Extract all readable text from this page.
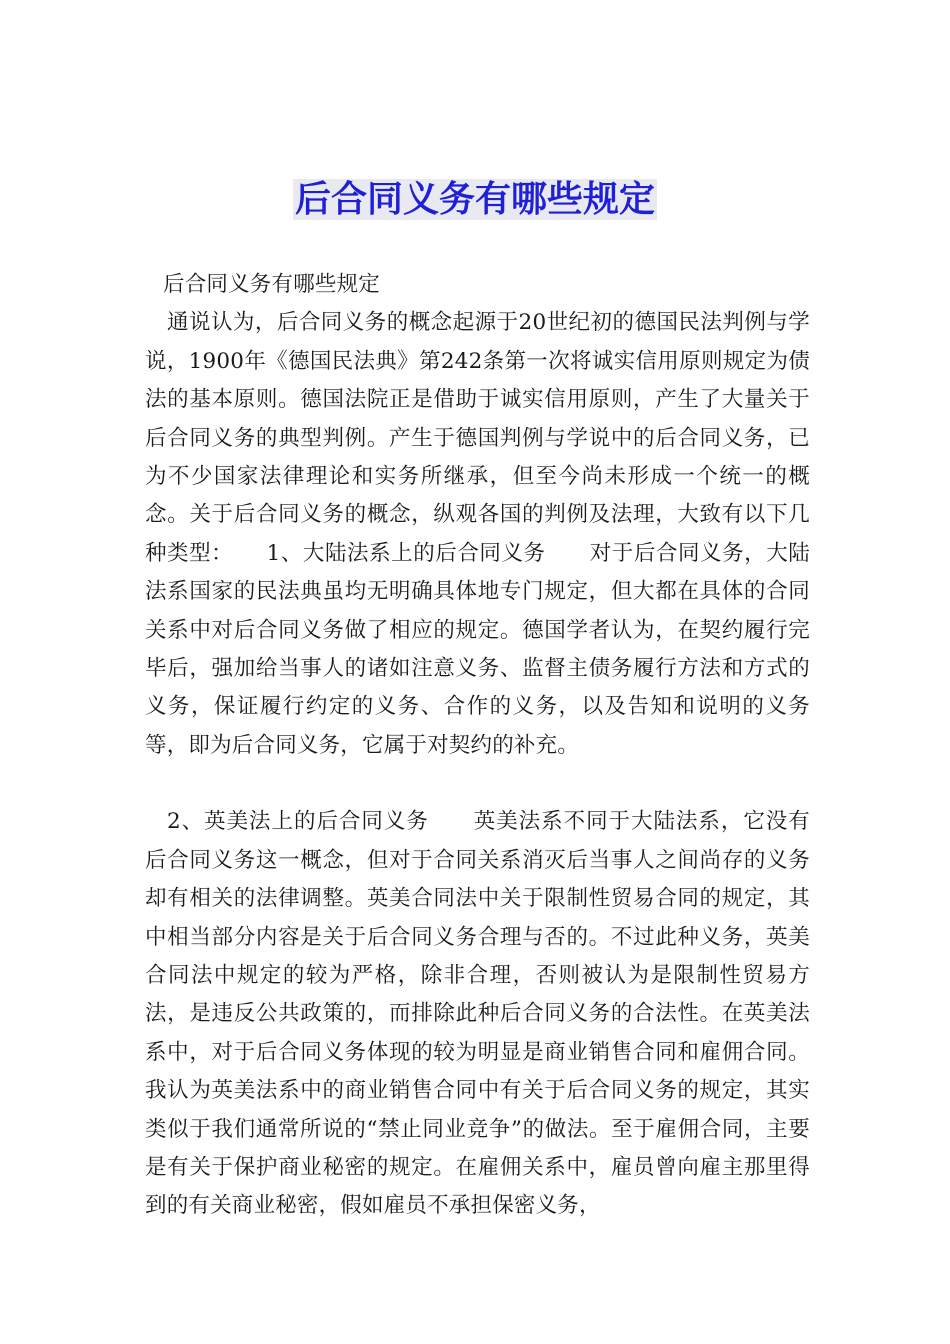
后合同义务有哪些规定

后合同义务有哪些规定

通说认为，后合同义务的概念起源于20世纪初的德国民法判例与学说，1900年《德国民法典》第242条第一次将诚实信用原则规定为债法的基本原则。德国法院正是借助于诚实信用原则，产生了大量关于后合同义务的典型判例。产生于德国判例与学说中的后合同义务，已为不少国家法律理论和实务所继承，但至今尚未形成一个统一的概念。关于后合同义务的概念，纵观各国的判例及法理，大致有以下几种类型：　　1、大陆法系上的后合同义务　　对于后合同义务，大陆法系国家的民法典虽均无明确具体地专门规定，但大都在具体的合同关系中对后合同义务做了相应的规定。德国学者认为，在契约履行完毕后，强加给当事人的诸如注意义务、监督主债务履行方法和方式的义务，保证履行约定的义务、合作的义务，以及告知和说明的义务等，即为后合同义务，它属于对契约的补充。

2、英美法上的后合同义务　　英美法系不同于大陆法系，它没有后合同义务这一概念，但对于合同关系消灭后当事人之间尚存的义务却有相关的法律调整。英美合同法中关于限制性贸易合同的规定，其中相当部分内容是关于后合同义务合理与否的。不过此种义务，英美合同法中规定的较为严格，除非合理，否则被认为是限制性贸易方法，是违反公共政策的，而排除此种后合同义务的合法性。在英美法系中，对于后合同义务体现的较为明显是商业销售合同和雇佣合同。我认为英美法系中的商业销售合同中有关于后合同义务的规定，其实类似于我们通常所说的“禁止同业竞争”的做法。至于雇佣合同，主要是有关于保护商业秘密的规定。在雇佣关系中，雇员曾向雇主那里得到的有关商业秘密，假如雇员不承担保密义务，
